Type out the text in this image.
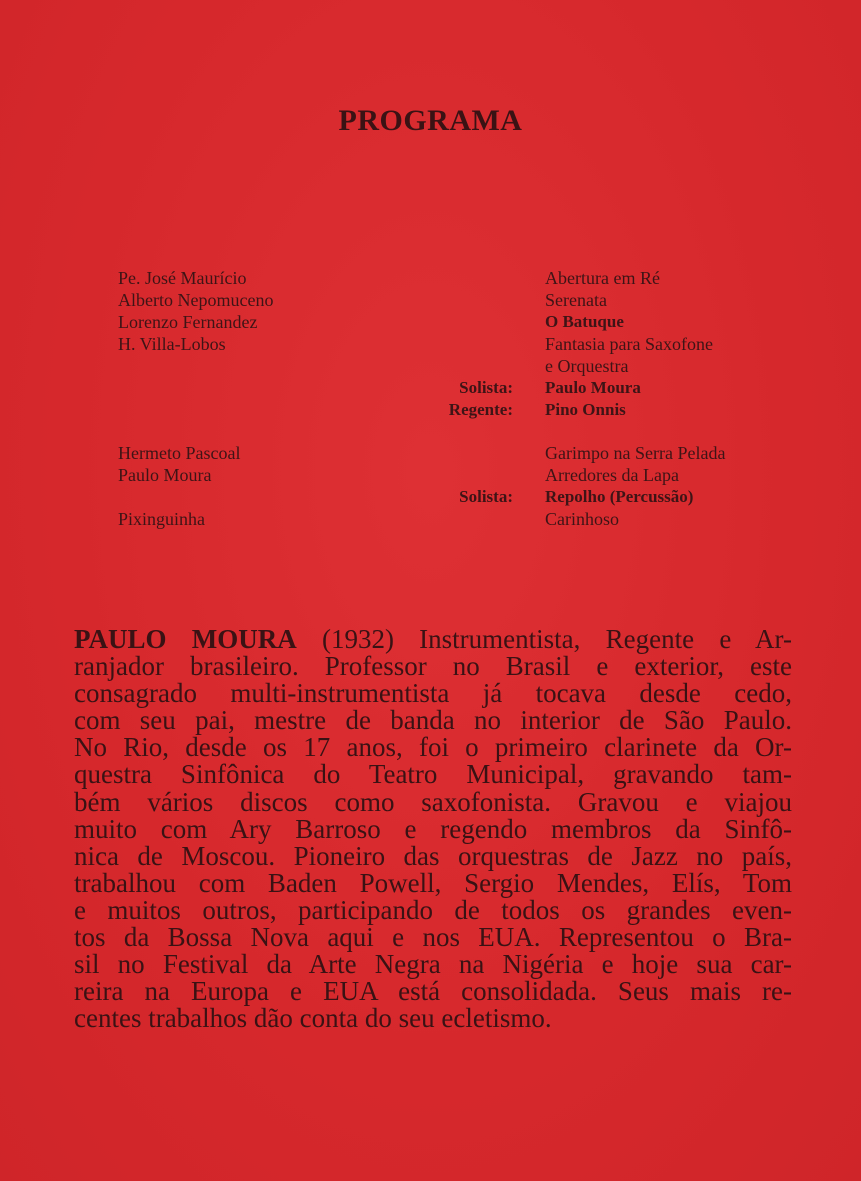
PROGRAMA
Pe. José Maurício
Alberto Nepomuceno
Lorenzo Fernandez
H. Villa-Lobos
Abertura em Ré
Serenata
O Batuque
Fantasia para Saxofone
e Orquestra
Solista: Paulo Moura
Regente: Pino Onnis
Hermeto Pascoal
Paulo Moura
Pixinguinha
Garimpo na Serra Pelada
Arredores da Lapa
Carinhoso
Solista: Repolho (Percussão)
PAULO MOURA (1932) Instrumentista, Regente e Ar-
ranjador brasileiro. Professor no Brasil e exterior, este
consagrado multi-instrumentista já tocava desde cedo,
com seu pai, mestre de banda no interior de São Paulo.
No Rio, desde os 17 anos, foi o primeiro clarinete da Or-
questra Sinfônica do Teatro Municipal, gravando tam-
bém vários discos como saxofonista. Gravou e viajou
muito com Ary Barroso e regendo membros da Sinfô-
nica de Moscou. Pioneiro das orquestras de Jazz no país,
trabalhou com Baden Powell, Sergio Mendes, Elís, Tom
e muitos outros, participando de todos os grandes even-
tos da Bossa Nova aqui e nos EUA. Representou o Bra-
sil no Festival da Arte Negra na Nigéria e hoje sua car-
reira na Europa e EUA está consolidada. Seus mais re-
centes trabalhos dão conta do seu ecletismo.
